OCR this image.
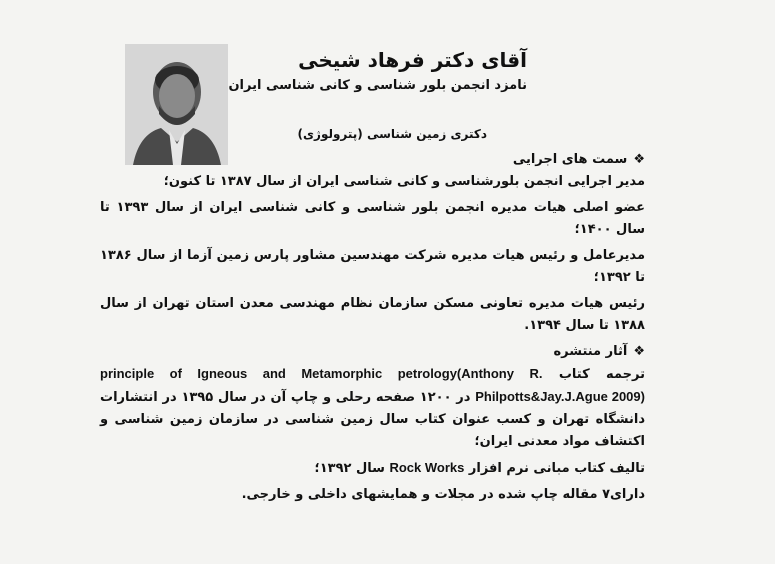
آقای دکتر فرهاد شیخی
نامزد انجمن بلور شناسی و کانی شناسی ایران
دکتری زمین شناسی (پترولوژی)
❖
سمت های اجرایی

مدیر اجرایی انجمن بلورشناسی و کانی شناسی ایران از سال ۱۳۸۷ تا کنون؛

عضو اصلی هیات مدیره انجمن بلور شناسی و کانی شناسی ایران از سال ۱۳۹۳ تا سال ۱۴۰۰؛

مدیرعامل و رئیس هیات مدیره شرکت مهندسین مشاور پارس زمین آزما از سال ۱۳۸۶ تا ۱۳۹۲؛

رئیس هیات مدیره تعاونی مسکن سازمان نظام مهندسی معدن استان تهران از سال ۱۳۸۸ تا سال ۱۳۹۴.

❖
آثار منتشره

ترجمه کتاب principle of Igneous and Metamorphic petrology(Anthony R. Philpotts&Jay.J.Ague 2009) در ۱۲۰۰ صفحه رحلی و چاپ آن در سال ۱۳۹۵ در انتشارات دانشگاه تهران و کسب عنوان کتاب سال زمین شناسی در سازمان زمین شناسی و اکتشاف مواد معدنی ایران؛

تالیف کتاب مبانی نرم افزار Rock Works سال ۱۳۹۲؛

دارای۷ مقاله چاپ شده در مجلات و همایشهای داخلی و خارجی.
